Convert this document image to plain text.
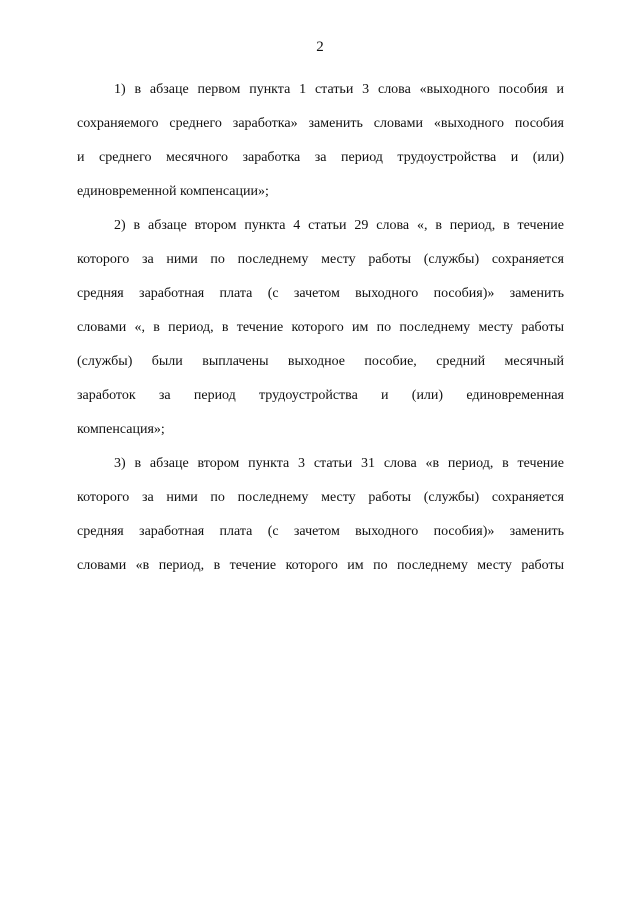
2
1) в абзаце первом пункта 1 статьи 3 слова «выходного пособия и
сохраняемого среднего заработка» заменить словами «выходного пособия
и среднего месячного заработка за период трудоустройства и (или)
единовременной компенсации»;
2) в абзаце втором пункта 4 статьи 29 слова «, в период, в течение
которого за ними по последнему месту работы (службы) сохраняется
средняя заработная плата (с зачетом выходного пособия)» заменить
словами «, в период, в течение которого им по последнему месту работы
(службы) были выплачены выходное пособие, средний месячный
заработок за период трудоустройства и (или) единовременная
компенсация»;
3) в абзаце втором пункта 3 статьи 31 слова «в период, в течение
которого за ними по последнему месту работы (службы) сохраняется
средняя заработная плата (с зачетом выходного пособия)» заменить
словами «в период, в течение которого им по последнему месту работы
